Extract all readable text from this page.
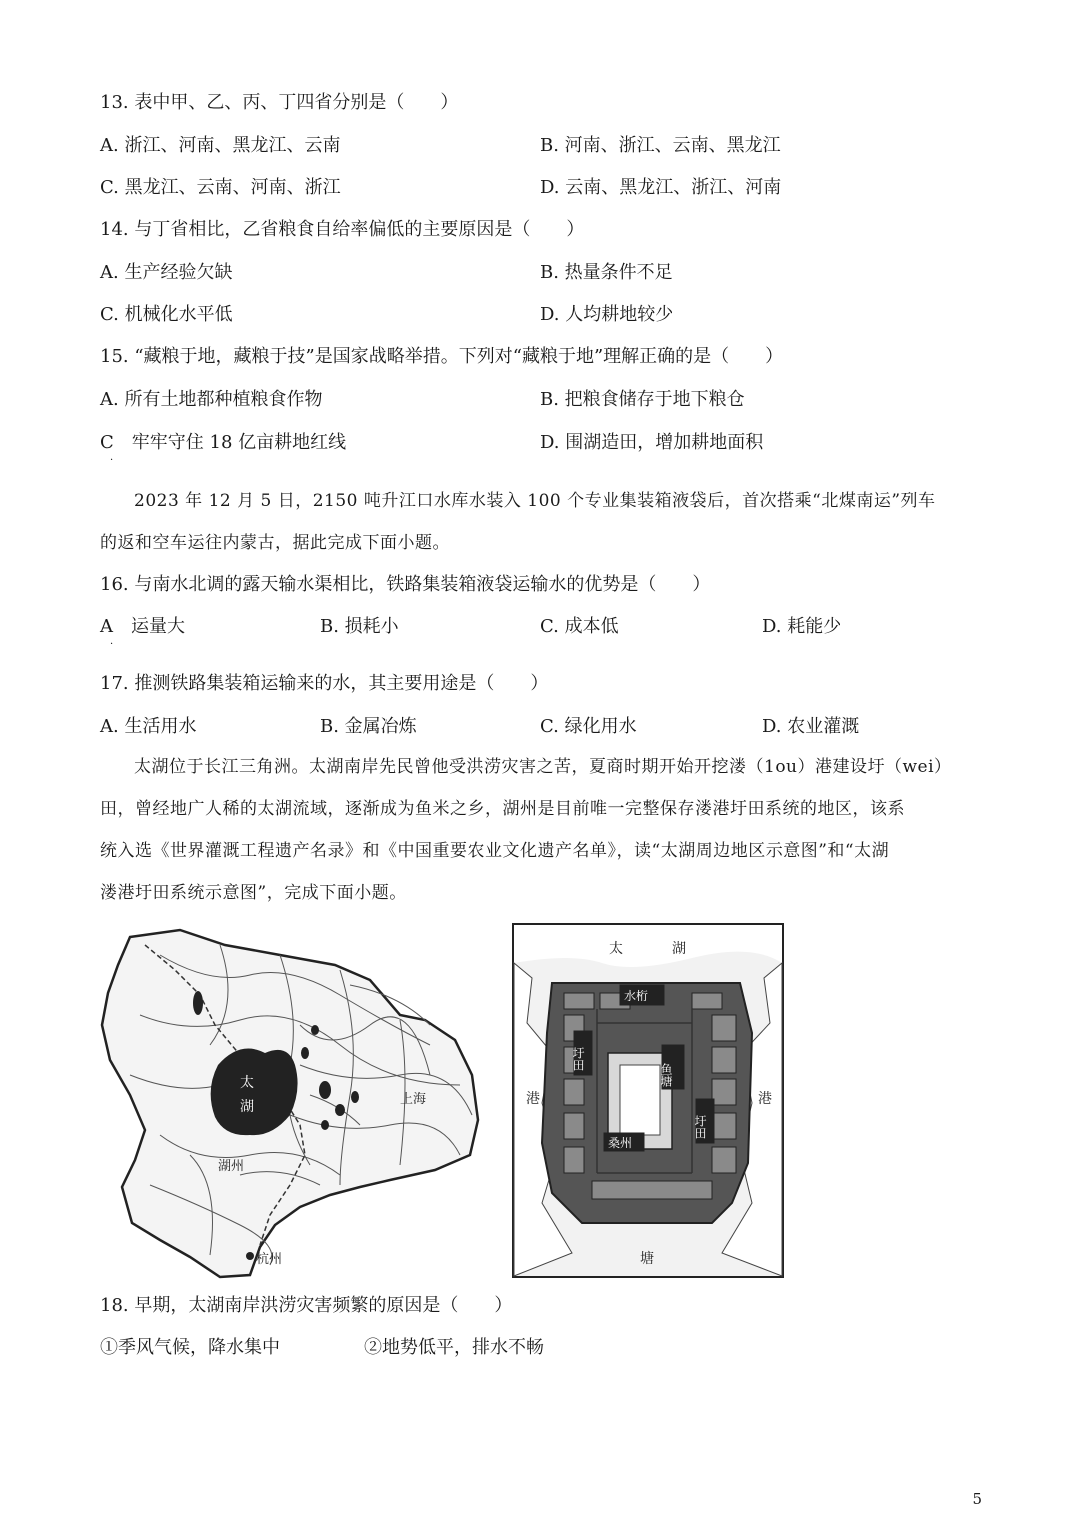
13. 表中甲、乙、丙、丁四省分别是（　　）
A. 浙江、河南、黑龙江、云南	B. 河南、浙江、云南、黑龙江
C. 黑龙江、云南、河南、浙江	D. 云南、黑龙江、浙江、河南
14. 与丁省相比，乙省粮食自给率偏低的主要原因是（　　）
A. 生产经验欠缺	B. 热量条件不足
C. 机械化水平低	D. 人均耕地较少
15. “藏粮于地，藏粮于技”是国家战略举措。下列对“藏粮于地”理解正确的是（　　）
A. 所有土地都种植粮食作物	B. 把粮食储存于地下粮仓
C　牢牢守住 18 亿亩耕地红线	D. 围湖造田，增加耕地面积
·

2023 年 12 月 5 日，2150 吨升江口水库水装入 100 个专业集装箱液袋后，首次搭乘“北煤南运”列车

的返和空车运往内蒙古，据此完成下面小题。

16. 与南水北调的露天输水渠相比，铁路集装箱液袋运输水的优势是（　　）
A　运量大	B. 损耗小	C. 成本低	D. 耗能少
·
17. 推测铁路集装箱运输来的水，其主要用途是（　　）
A. 生活用水	B. 金属冶炼	C. 绿化用水	D. 农业灌溉

太湖位于长江三角洲。太湖南岸先民曾他受洪涝灾害之苦，夏商时期开始开挖溇（1ou）港建设圩（wei）

田，曾经地广人稀的太湖流域，逐渐成为鱼米之乡，湖州是目前唯一完整保存溇港圩田系统的地区，该系

统入选《世界灌溉工程遗产名录》和《中国重要农业文化遗产名单》，读“太湖周边地区示意图”和“太湖

溇港圩田系统示意图”，完成下面小题。

太
湖
上海
湖州
杭州
太	湖
水桁
鱼塘
圩田
圩田
桑州
港	港
塘
18. 早期，太湖南岸洪涝灾害频繁的原因是（　　）
①季风气候，降水集中	②地势低平，排水不畅
5
